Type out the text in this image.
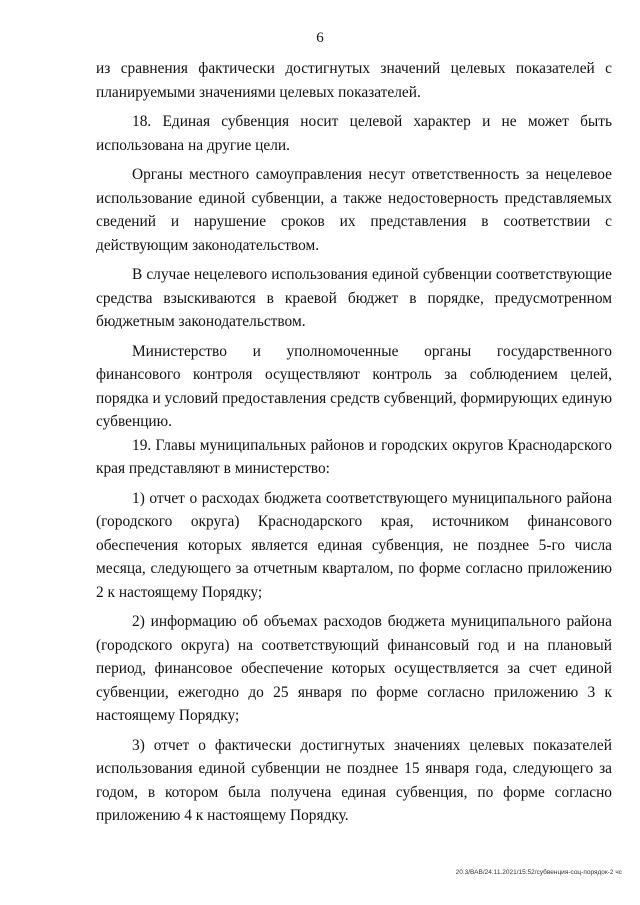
6

из сравнения фактически достигнутых значений целевых показателей с планируемыми значениями целевых показателей.

18. Единая субвенция носит целевой характер и не может быть использована на другие цели.

Органы местного самоуправления несут ответственность за нецелевое использование единой субвенции, а также недостоверность представляемых сведений и нарушение сроков их представления в соответствии с действующим законодательством.

В случае нецелевого использования единой субвенции соответствующие средства взыскиваются в краевой бюджет в порядке, предусмотренном бюджетным законодательством.

Министерство и уполномоченные органы государственного финансового контроля осуществляют контроль за соблюдением целей, порядка и условий предоставления средств субвенций, формирующих единую субвенцию.

19. Главы муниципальных районов и городских округов Краснодарского края представляют в министерство:

1) отчет о расходах бюджета соответствующего муниципального района (городского округа) Краснодарского края, источником финансового обеспечения которых является единая субвенция, не позднее 5-го числа месяца, следующего за отчетным кварталом, по форме согласно приложению 2 к настоящему Порядку;

2) информацию об объемах расходов бюджета муниципального района (городского округа) на соответствующий финансовый год и на плановый период, финансовое обеспечение которых осуществляется за счет единой субвенции, ежегодно до 25 января по форме согласно приложению 3 к настоящему Порядку;

3) отчет о фактически достигнутых значениях целевых показателей использования единой субвенции не позднее 15 января года, следующего за годом, в котором была получена единая субвенция, по форме согласно приложению 4 к настоящему Порядку.

20.3/ВАВ/24.11.2021/15:52/субвенция-соц-порядок-2 чс
